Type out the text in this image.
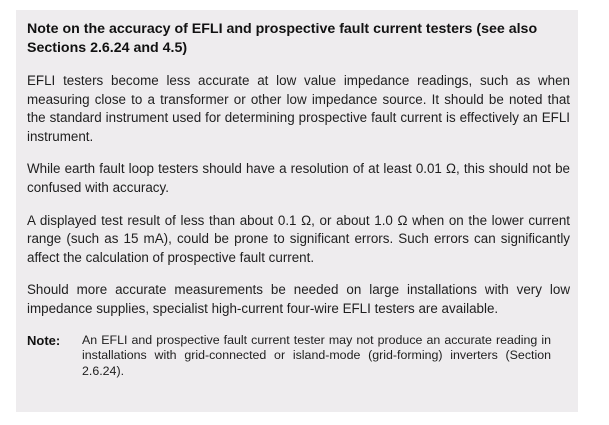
Note on the accuracy of EFLI and prospective fault current testers (see also Sections 2.6.24 and 4.5)

EFLI testers become less accurate at low value impedance readings, such as when measuring close to a transformer or other low impedance source. It should be noted that the standard instrument used for determining prospective fault current is effectively an EFLI instrument.

While earth fault loop testers should have a resolution of at least 0.01 Ω, this should not be confused with accuracy.

A displayed test result of less than about 0.1 Ω, or about 1.0 Ω when on the lower current range (such as 15 mA), could be prone to significant errors. Such errors can significantly affect the calculation of prospective fault current.

Should more accurate measurements be needed on large installations with very low impedance supplies, specialist high-current four-wire EFLI testers are available.

Note:	An EFLI and prospective fault current tester may not produce an accurate reading in installations with grid-connected or island-mode (grid-forming) inverters (Section 2.6.24).
